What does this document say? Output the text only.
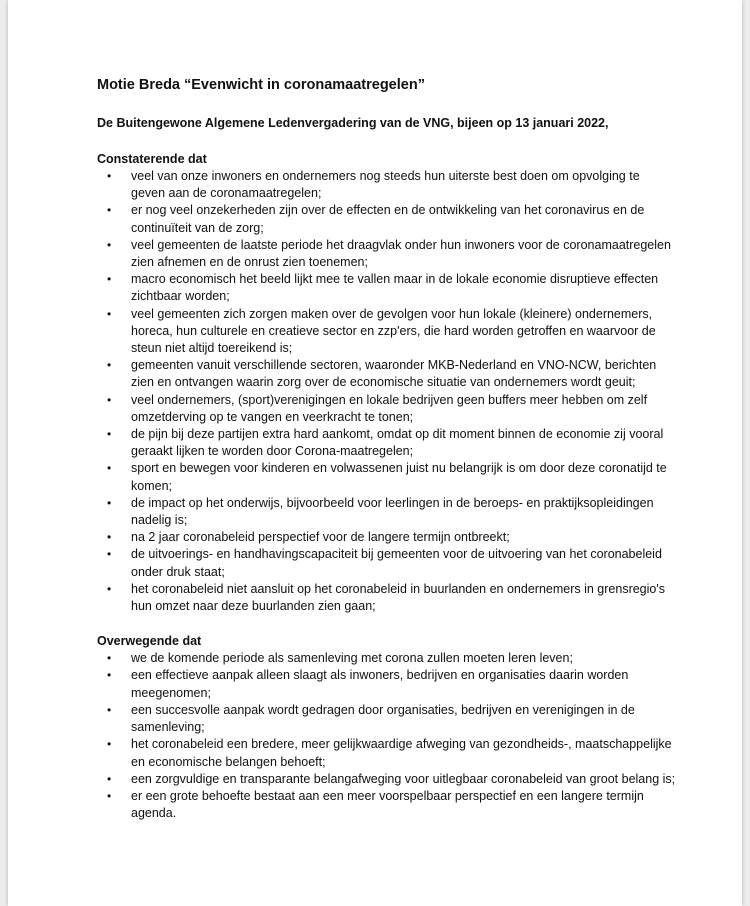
Motie Breda “Evenwicht in coronamaatregelen”
De Buitengewone Algemene Ledenvergadering van de VNG, bijeen op 13 januari 2022,
Constaterende dat
• veel van onze inwoners en ondernemers nog steeds hun uiterste best doen om opvolging te geven aan de coronamaatregelen;
• er nog veel onzekerheden zijn over de effecten en de ontwikkeling van het coronavirus en de continuïteit van de zorg;
• veel gemeenten de laatste periode het draagvlak onder hun inwoners voor de coronamaatregelen zien afnemen en de onrust zien toenemen;
• macro economisch het beeld lijkt mee te vallen maar in de lokale economie disruptieve effecten zichtbaar worden;
• veel gemeenten zich zorgen maken over de gevolgen voor hun lokale (kleinere) ondernemers, horeca, hun culturele en creatieve sector en zzp'ers, die hard worden getroffen en waarvoor de steun niet altijd toereikend is;
• gemeenten vanuit verschillende sectoren, waaronder MKB-Nederland en VNO-NCW, berichten zien en ontvangen waarin zorg over de economische situatie van ondernemers wordt geuit;
• veel ondernemers, (sport)verenigingen en lokale bedrijven geen buffers meer hebben om zelf omzetderving op te vangen en veerkracht te tonen;
• de pijn bij deze partijen extra hard aankomt, omdat op dit moment binnen de economie zij vooral geraakt lijken te worden door Corona-maatregelen;
• sport en bewegen voor kinderen en volwassenen juist nu belangrijk is om door deze coronatijd te komen;
• de impact op het onderwijs, bijvoorbeeld voor leerlingen in de beroeps- en praktijksopleidingen nadelig is;
• na 2 jaar coronabeleid perspectief voor de langere termijn ontbreekt;
• de uitvoerings- en handhavingscapaciteit bij gemeenten voor de uitvoering van het coronabeleid onder druk staat;
• het coronabeleid niet aansluit op het coronabeleid in buurlanden en ondernemers in grensregio's hun omzet naar deze buurlanden zien gaan;
Overwegende dat
• we de komende periode als samenleving met corona zullen moeten leren leven;
• een effectieve aanpak alleen slaagt als inwoners, bedrijven en organisaties daarin worden meegenomen;
• een succesvolle aanpak wordt gedragen door organisaties, bedrijven en verenigingen in de samenleving;
• het coronabeleid een bredere, meer gelijkwaardige afweging van gezondheids-, maatschappelijke en economische belangen behoeft;
• een zorgvuldige en transparante belangafweging voor uitlegbaar coronabeleid van groot belang is;
• er een grote behoefte bestaat aan een meer voorspelbaar perspectief en een langere termijn agenda.
